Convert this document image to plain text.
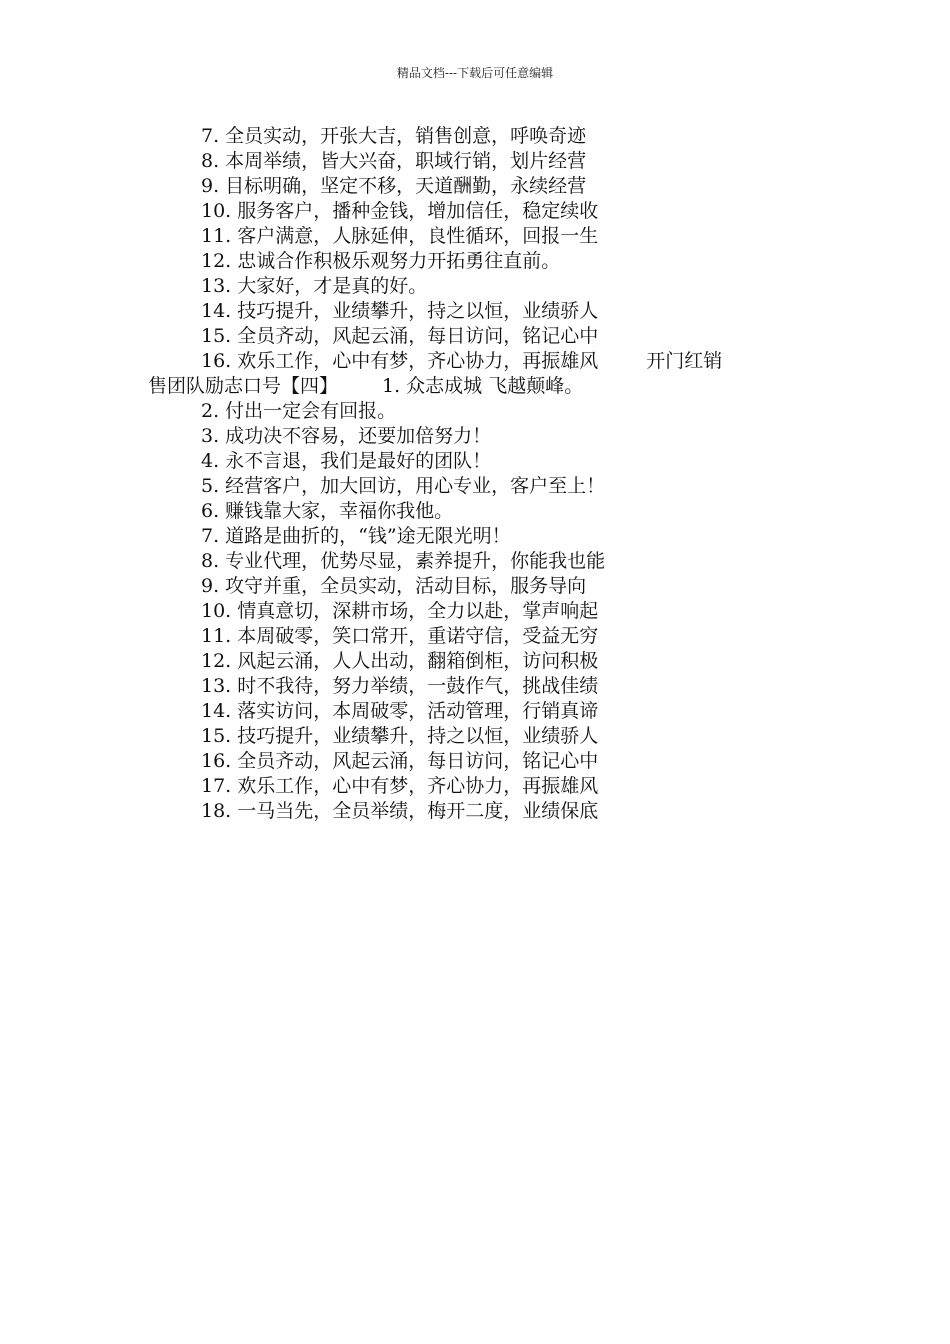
精品文档---下载后可任意编辑
7. 全员实动，开张大吉，销售创意，呼唤奇迹
8. 本周举绩，皆大兴奋，职域行销，划片经营
9. 目标明确，坚定不移，天道酬勤，永续经营
10. 服务客户，播种金钱，增加信任，稳定续收
11. 客户满意，人脉延伸，良性循环，回报一生
12. 忠诚合作积极乐观努力开拓勇往直前。
13. 大家好，才是真的好。
14. 技巧提升，业绩攀升，持之以恒，业绩骄人
15. 全员齐动，风起云涌，每日访问，铭记心中
16. 欢乐工作，心中有梦，齐心协力，再振雄风	开门红销
售团队励志口号【四】 1. 众志成城 飞越颠峰。
2. 付出一定会有回报。
3. 成功决不容易，还要加倍努力！
4. 永不言退，我们是最好的团队！
5. 经营客户，加大回访，用心专业，客户至上！
6. 赚钱靠大家，幸福你我他。
7. 道路是曲折的，“钱”途无限光明！
8. 专业代理，优势尽显，素养提升，你能我也能
9. 攻守并重，全员实动，活动目标，服务导向
10. 情真意切，深耕市场，全力以赴，掌声响起
11. 本周破零，笑口常开，重诺守信，受益无穷
12. 风起云涌，人人出动，翻箱倒柜，访问积极
13. 时不我待，努力举绩，一鼓作气，挑战佳绩
14. 落实访问，本周破零，活动管理，行销真谛
15. 技巧提升，业绩攀升，持之以恒，业绩骄人
16. 全员齐动，风起云涌，每日访问，铭记心中
17. 欢乐工作，心中有梦，齐心协力，再振雄风
18. 一马当先，全员举绩，梅开二度，业绩保底
